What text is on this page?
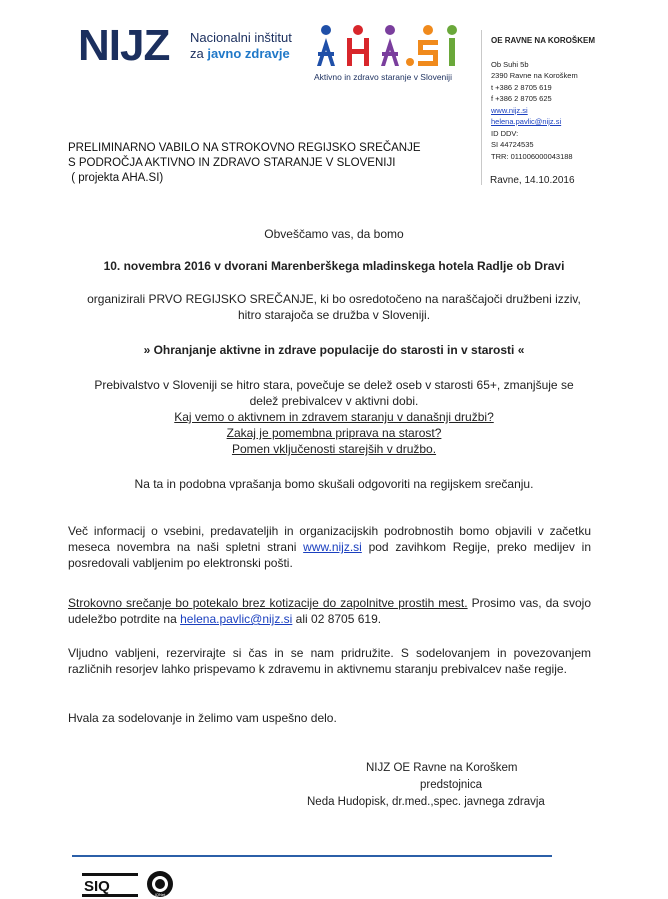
NIJZ Nacionalni inštitut
za javno zdravje
Aktivno in zdravo staranje v Sloveniji
OE RAVNE NA KOROŠKEM
Ob Suhi 5b
2390 Ravne na Koroškem
t +386 2 8705 619
f +386 2 8705 625
www.nijz.si
helena.pavlic@nijz.si
ID DDV:
SI 44724535
TRR: 011006000043188
Ravne, 14.10.2016
PRELIMINARNO VABILO NA STROKOVNO REGIJSKO SREČANJE
S PODROČJA AKTIVNO IN ZDRAVO STARANJE V SLOVENIJI
( projekta AHA.SI)
Obveščamo vas, da bomo
10. novembra 2016 v dvorani Marenberškega mladinskega hotela Radlje ob Dravi
organizirali PRVO REGIJSKO SREČANJE, ki bo osredotočeno na naraščajoči družbeni izziv,
hitro starajoča se družba v Sloveniji.
» Ohranjanje aktivne in zdrave populacije do starosti in v starosti «
Prebivalstvo v Sloveniji se hitro stara, povečuje se delež oseb v starosti 65+, zmanjšuje se
delež prebivalcev v aktivni dobi.
Kaj vemo o aktivnem in zdravem staranju v današnji družbi?
Zakaj je pomembna priprava na starost?
Pomen vključenosti starejših v družbo.
Na ta in podobna vprašanja bomo skušali odgovoriti na regijskem srečanju.
Več informacij o vsebini, predavateljih in organizacijskih podrobnostih bomo objavili v začetku meseca novembra na naši spletni strani www.nijz.si pod zavihkom Regije, preko medijev in posredovali vabljenim po elektronski pošti.
Strokovno srečanje bo potekalo brez kotizacije do zapolnitve prostih mest. Prosimo vas, da svojo udeležbo potrdite na helena.pavlic@nijz.si ali 02 8705 619.
Vljudno vabljeni, rezervirajte si čas in se nam pridružite. S sodelovanjem in povezovanjem različnih resorjev lahko prispevamo k zdravemu in aktivnemu staranju prebivalcev naše regije.
Hvala za sodelovanje in želimo vam uspešno delo.
NIJZ OE Ravne na Koroškem
predstojnica
Neda Hudopisk, dr.med.,spec. javnega zdravja
SIQ	IQNet
